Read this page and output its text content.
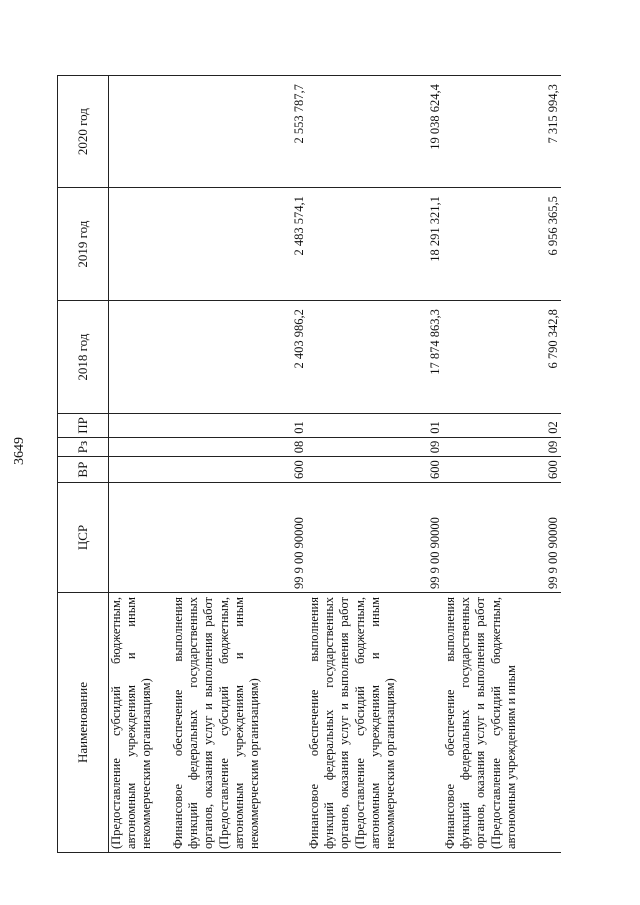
3649
Наименование	ЦСР	ВР	Рз	ПР	2018 год	2019 год	2020 год
(Предоставление субсидий бюджетным, автономным учреждениям и иным некоммерческим организациям)							
Финансовое обеспечение выполнения функций федеральных государственных органов, оказания услуг и выполнения работ (Предоставление субсидий бюджетным, автономным учреждениям и иным некоммерческим организациям)	99 9 00 90000	600	08	01	2 403 986,2	2 483 574,1	2 553 787,7
Финансовое обеспечение выполнения функций федеральных государственных органов, оказания услуг и выполнения работ (Предоставление субсидий бюджетным, автономным учреждениям и иным некоммерческим организациям)	99 9 00 90000	600	09	01	17 874 863,3	18 291 321,1	19 038 624,4
Финансовое обеспечение выполнения функций федеральных государственных органов, оказания услуг и выполнения работ (Предоставление субсидий бюджетным, автономным учреждениям и иным	99 9 00 90000	600	09	02	6 790 342,8	6 956 365,5	7 315 994,3
